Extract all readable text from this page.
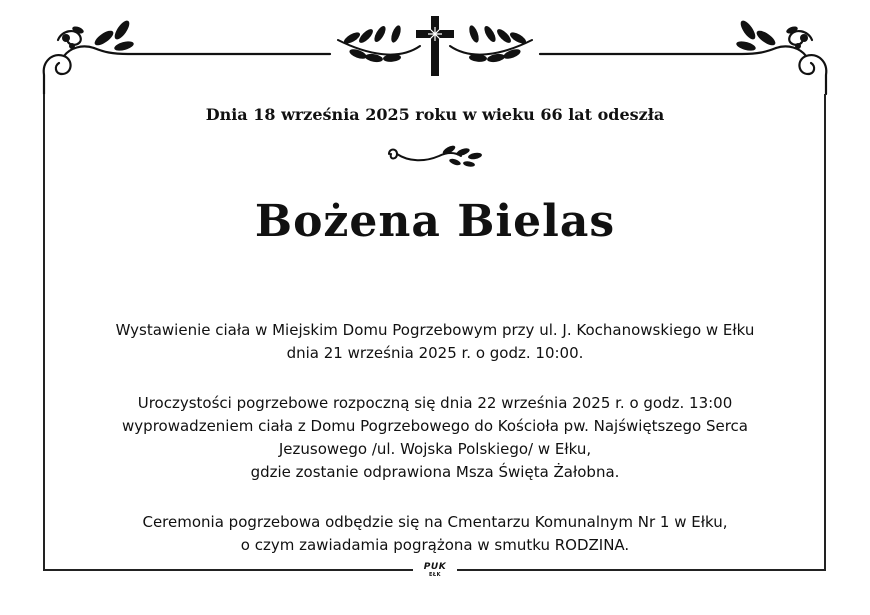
PUK
EŁK
Dnia 18 września 2025 roku w wieku 66 lat odeszła
Bożena Bielas

Wystawienie ciała w Miejskim Domu Pogrzebowym przy ul. J. Kochanowskiego w Ełku
dnia 21 września 2025 r. o godz. 10:00.

Uroczystości pogrzebowe rozpoczną się dnia 22 września 2025 r. o godz. 13:00
wyprowadzeniem ciała z Domu Pogrzebowego do Kościoła pw. Najświętszego Serca
Jezusowego /ul. Wojska Polskiego/ w Ełku,
gdzie zostanie odprawiona Msza Święta Żałobna.

Ceremonia pogrzebowa odbędzie się na Cmentarzu Komunalnym Nr 1 w Ełku,
o czym zawiadamia pogrążona w smutku RODZINA.
